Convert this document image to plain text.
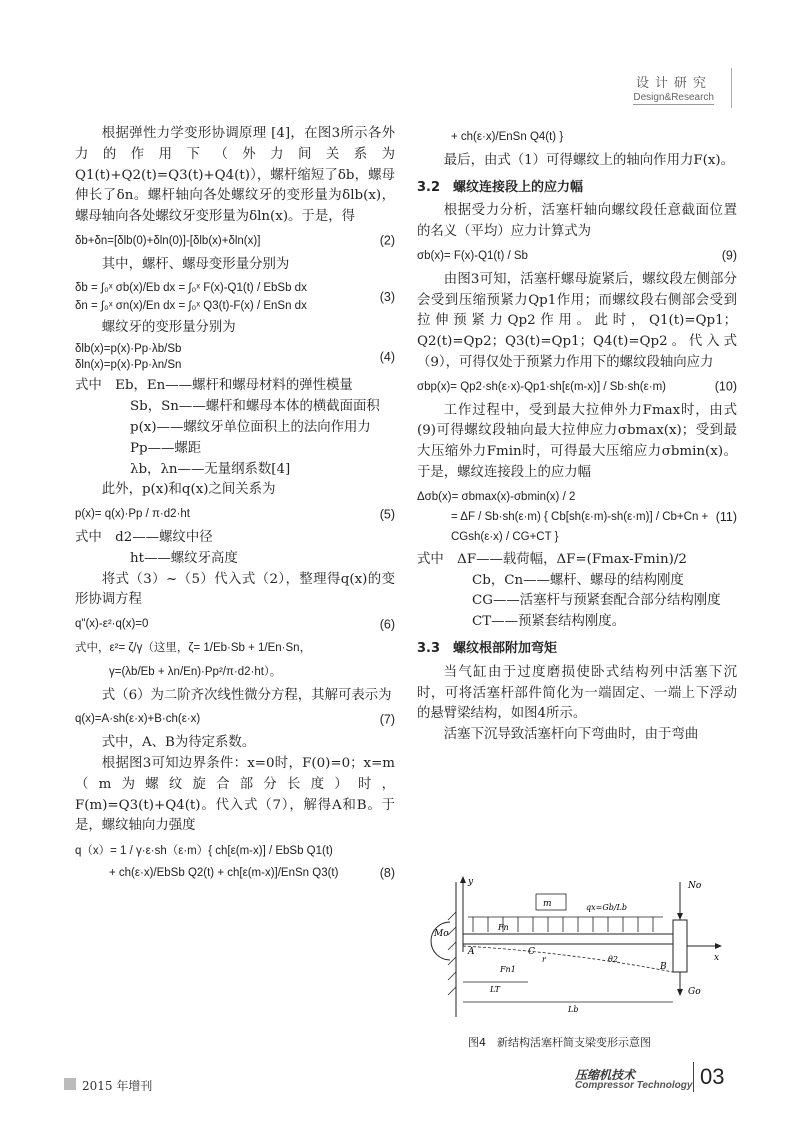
设计研究
Design&Research

根据弹性力学变形协调原理 [4]，在图3所示各外力的作用下（外力间关系为Q1(t)+Q2(t)=Q3(t)+Q4(t)），螺杆缩短了δb，螺母伸长了δn。螺杆轴向各处螺纹牙的变形量为δlb(x)，螺母轴向各处螺纹牙变形量为δln(x)。于是，得

δb+δn=[δlb(0)+δln(0)]-[δlb(x)+δln(x)]	(2)

其中，螺杆、螺母变形量分别为

δb = ∫₀ˣ σb(x)/Eb dx = ∫₀ˣ F(x)-Q1(t) / EbSb dx
δn = ∫₀ˣ σn(x)/En dx = ∫₀ˣ Q3(t)-F(x) / EnSn dx
(3)

螺纹牙的变形量分别为

δlb(x)=p(x)·Pp·λb/Sb
δln(x)=p(x)·Pp·λn/Sn
(4)

式中　Eb，En——螺杆和螺母材料的弹性模量

Sb，Sn——螺杆和螺母本体的横截面面积

p(x)——螺纹牙单位面积上的法向作用力

Pp——螺距

λb，λn——无量纲系数[4]

此外，p(x)和q(x)之间关系为

p(x)= q(x)·Pp / π·d2·ht	(5)

式中　d2——螺纹中径

ht——螺纹牙高度

将式（3）~（5）代入式（2），整理得q(x)的变形协调方程

q"(x)-ε²·q(x)=0	(6)
式中，ε²= ζ/γ（这里，ζ= 1/Eb·Sb + 1/En·Sn，
γ=(λb/Eb + λn/En)·Pp²/π·d2·ht）。

式（6）为二阶齐次线性微分方程，其解可表示为

q(x)=A·sh(ε·x)+B·ch(ε·x)	(7)

式中，A、B为待定系数。

根据图3可知边界条件：x=0时，F(0)=0；x=m（m为螺纹旋合部分长度）时，F(m)=Q3(t)+Q4(t)。代入式（7），解得A和B。于是，螺纹轴向力强度

q（x）= 1 / γ·ε·sh（ε·m）{ ch[ε(m-x)] / EbSb Q1(t)
+ ch(ε·x)/EbSb Q2(t) + ch[ε(m-x)]/EnSn Q3(t)	(8)
+ ch(ε·x)/EnSn Q4(t) }

最后，由式（1）可得螺纹上的轴向作用力F(x)。

3.2　螺纹连接段上的应力幅

根据受力分析，活塞杆轴向螺纹段任意截面位置　的名义（平均）应力计算式为

σb(x)= F(x)-Q1(t) / Sb	(9)

由图3可知，活塞杆螺母旋紧后，螺纹段左侧部分会受到压缩预紧力Qp1作用；而螺纹段右侧部会受到拉伸预紧力Qp2作用。此时，Q1(t)=Qp1；Q2(t)=Qp2；Q3(t)=Qp1；Q4(t)=Qp2。代入式（9），可得仅处于预紧力作用下的螺纹段轴向应力

σbp(x)= Qp2·sh(ε·x)-Qp1·sh[ε(m-x)] / Sb·sh(ε·m)	(10)

工作过程中，受到最大拉伸外力Fmax时，由式(9)可得螺纹段轴向最大拉伸应力σbmax(x)；受到最大压缩外力Fmin时，可得最大压缩应力σbmin(x)。于是，螺纹连接段上的应力幅

Δσb(x)= σbmax(x)-σbmin(x) / 2
= ΔF / Sb·sh(ε·m) { Cb[sh(ε·m)-sh(ε·m)] / Cb+Cn +
CGsh(ε·x) / CG+CT }
(11)

式中　ΔF——载荷幅，ΔF=(Fmax-Fmin)/2

Cb，Cn——螺杆、螺母的结构刚度

CG——活塞杆与预紧套配合部分结构刚度

CT——预紧套结构刚度。

3.3　螺纹根部附加弯矩

当气缸由于过度磨损使卧式结构列中活塞下沉时，可将活塞杆部件简化为一端固定、一端上下浮动的悬臂梁结构，如图4所示。

活塞下沉导致活塞杆向下弯曲时，由于弯曲

y
m	qx=Gb/Lb
x
No
Go
Mo
A	C
B
Fn
Fn1
θ2
r
LT
Lb
图4　新结构活塞杆简支梁变形示意图
2015 年增刊
压缩机技术
Compressor Technology 03
